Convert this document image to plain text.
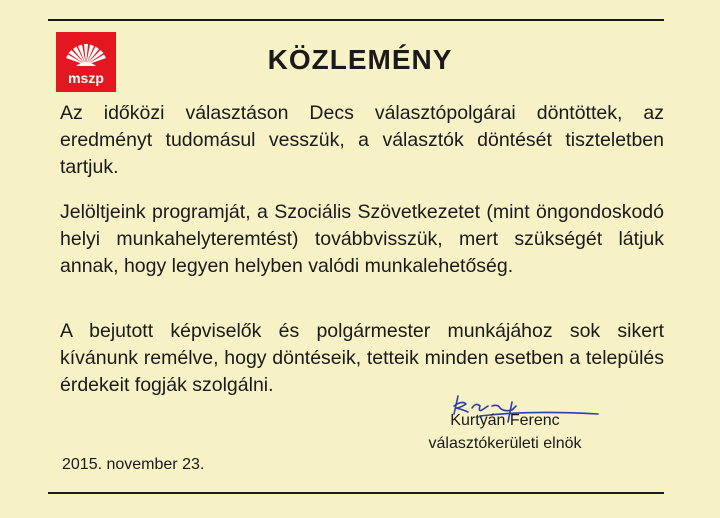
mszp
KÖZLEMÉNY
Az időközi választáson Decs választópolgárai döntöttek, az eredményt tudomásul vesszük, a választók döntését tiszteletben tartjuk.
Jelöltjeink programját, a Szociális Szövetkezetet (mint öngondoskodó helyi munkahelyteremtést) továbbvisszük, mert szükségét látjuk annak, hogy legyen helyben valódi munkalehetőség.
A bejutott képviselők és polgármester munkájához sok sikert kívánunk remélve, hogy döntéseik, tetteik minden esetben a település érdekeit fogják szolgálni.
Kurtyán Ferenc
választókerületi elnök
2015. november 23.
